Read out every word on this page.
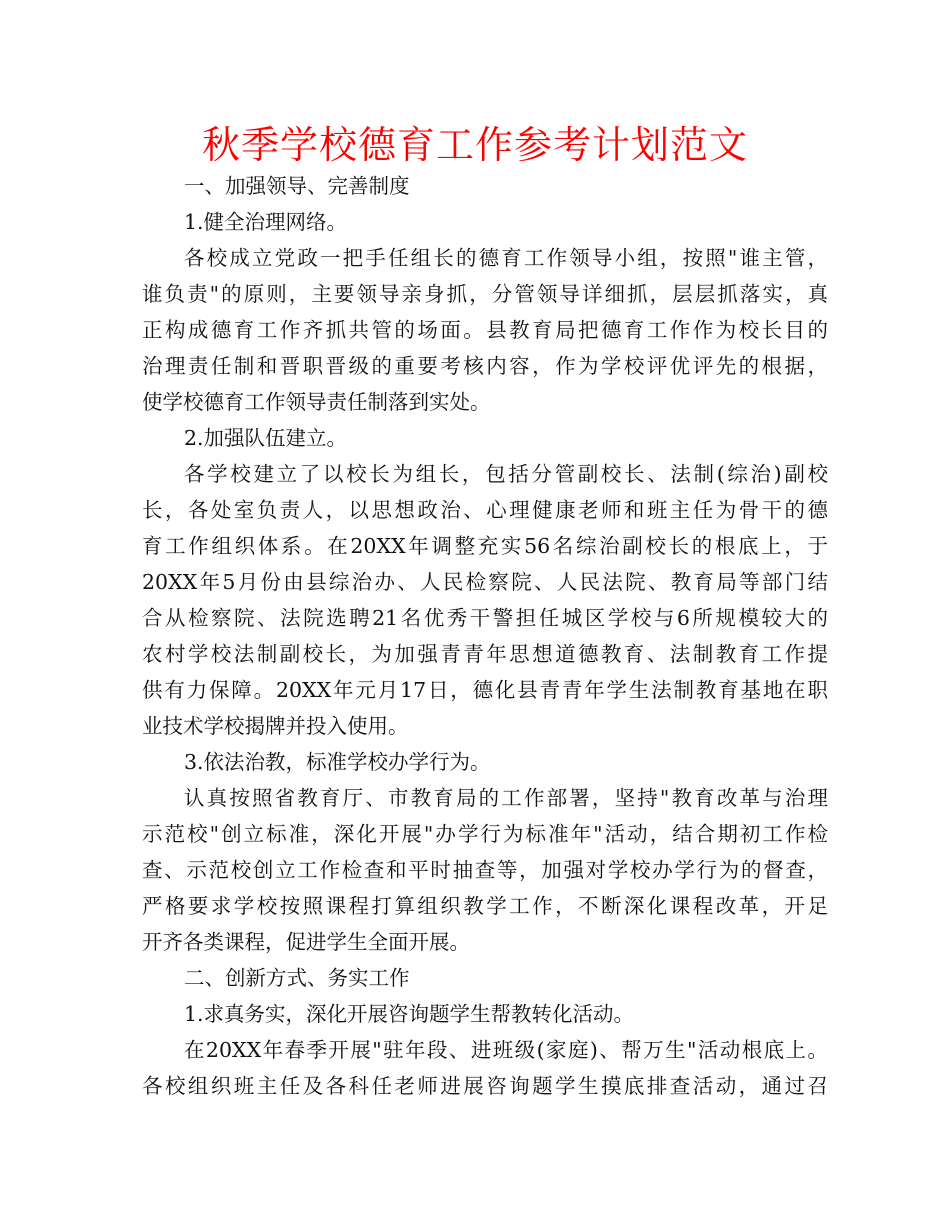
秋季学校德育工作参考计划范文
一、加强领导、完善制度
1.健全治理网络。
各校成立党政一把手任组长的德育工作领导小组，按照"谁主管，
谁负责"的原则，主要领导亲身抓，分管领导详细抓，层层抓落实，真
正构成德育工作齐抓共管的场面。县教育局把德育工作作为校长目的
治理责任制和晋职晋级的重要考核内容，作为学校评优评先的根据，
使学校德育工作领导责任制落到实处。
2.加强队伍建立。
各学校建立了以校长为组长，包括分管副校长、法制(综治)副校
长，各处室负责人，以思想政治、心理健康老师和班主任为骨干的德
育工作组织体系。在20XX年调整充实56名综治副校长的根底上，于
20XX年5月份由县综治办、人民检察院、人民法院、教育局等部门结
合从检察院、法院选聘21名优秀干警担任城区学校与6所规模较大的
农村学校法制副校长，为加强青青年思想道德教育、法制教育工作提
供有力保障。20XX年元月17日，德化县青青年学生法制教育基地在职
业技术学校揭牌并投入使用。
3.依法治教，标准学校办学行为。
认真按照省教育厅、市教育局的工作部署，坚持"教育改革与治理
示范校"创立标准，深化开展"办学行为标准年"活动，结合期初工作检
查、示范校创立工作检查和平时抽查等，加强对学校办学行为的督查，
严格要求学校按照课程打算组织教学工作，不断深化课程改革，开足
开齐各类课程，促进学生全面开展。
二、创新方式、务实工作
1.求真务实，深化开展咨询题学生帮教转化活动。
在20XX年春季开展"驻年段、进班级(家庭)、帮万生"活动根底上。
各校组织班主任及各科任老师进展咨询题学生摸底排查活动，通过召
